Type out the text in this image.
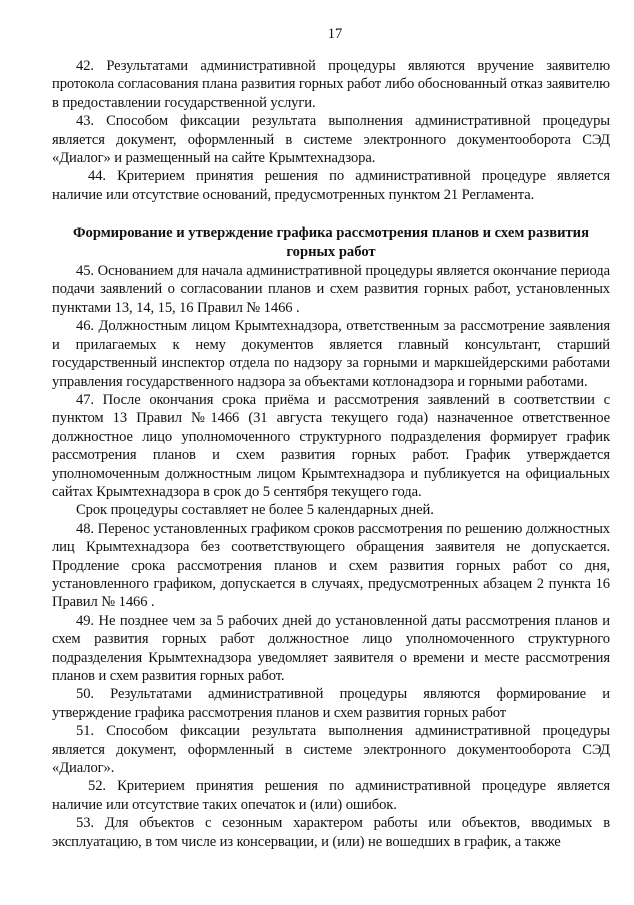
17

42. Результатами административной процедуры являются вручение заявителю протокола согласования плана развития горных работ либо обоснованный отказ заявителю в предоставлении государственной услуги.

43. Способом фиксации результата выполнения административной процедуры является документ, оформленный в системе электронного документооборота СЭД «Диалог» и размещенный на сайте Крымтехнадзора.

44. Критерием принятия решения по административной процедуре является наличие или отсутствие оснований, предусмотренных пунктом 21 Регламента.

Формирование и утверждение графика рассмотрения планов и схем развития горных работ

45. Основанием для начала административной процедуры является окончание периода подачи заявлений о согласовании планов и схем развития горных работ, установленных пунктами 13, 14, 15, 16 Правил № 1466 .

46. Должностным лицом Крымтехнадзора, ответственным за рассмотрение заявления и прилагаемых к нему документов является главный консультант, старший государственный инспектор отдела по надзору за горными и маркшейдерскими работами управления государственного надзора за объектами котлонадзора и горными работами.

47. После окончания срока приёма и рассмотрения заявлений в соответствии с пунктом 13 Правил №1466 (31 августа текущего года) назначенное ответственное должностное лицо уполномоченного структурного подразделения формирует график рассмотрения планов и схем развития горных работ. График утверждается уполномоченным должностным лицом Крымтехнадзора и публикуется на официальных сайтах Крымтехнадзора в срок до 5 сентября текущего года.

Срок процедуры составляет не более 5 календарных дней.

48. Перенос установленных графиком сроков рассмотрения по решению должностных лиц Крымтехнадзора без соответствующего обращения заявителя не допускается. Продление срока рассмотрения планов и схем развития горных работ со дня, установленного графиком, допускается в случаях, предусмотренных абзацем 2 пункта 16 Правил № 1466 .

49. Не позднее чем за 5 рабочих дней до установленной даты рассмотрения планов и схем развития горных работ должностное лицо уполномоченного структурного подразделения Крымтехнадзора уведомляет заявителя о времени и месте рассмотрения планов и схем развития горных работ.

50. Результатами административной процедуры являются формирование и утверждение графика рассмотрения планов и схем развития горных работ

51. Способом фиксации результата выполнения административной процедуры является документ, оформленный в системе электронного документооборота СЭД «Диалог».

52. Критерием принятия решения по административной процедуре является наличие или отсутствие таких опечаток и (или) ошибок.

53. Для объектов с сезонным характером работы или объектов, вводимых в эксплуатацию, в том числе из консервации, и (или) не вошедших в график, а также
